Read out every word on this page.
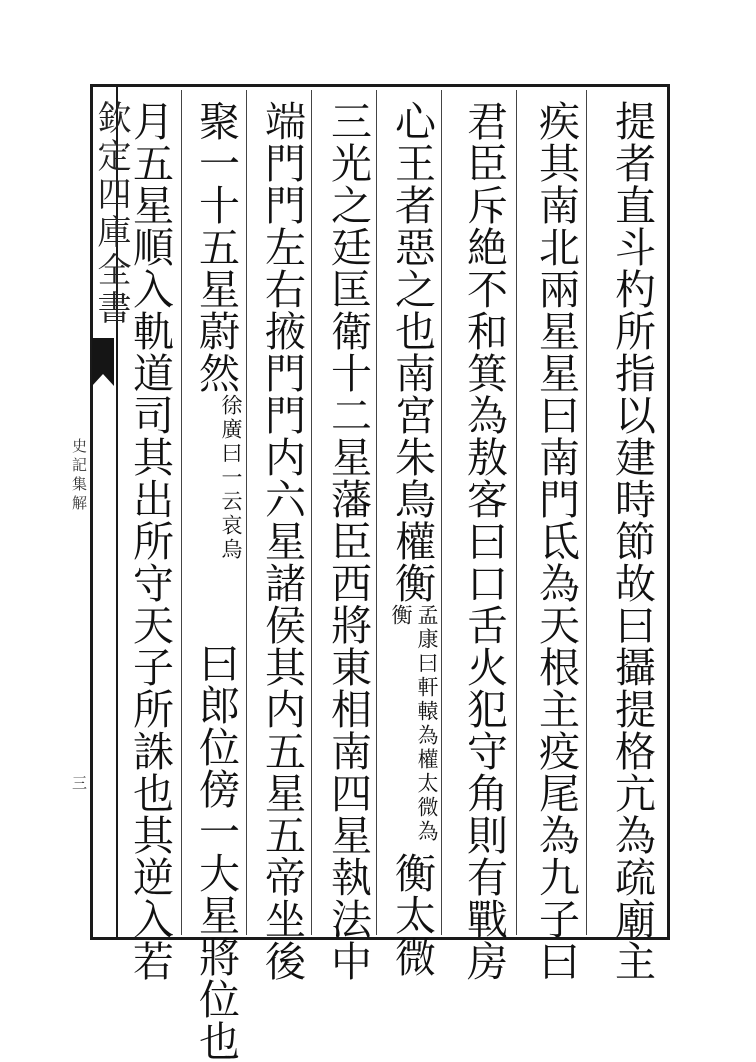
欽定四庫全書
史記集解
三	提者直斗杓所指以建時節故曰攝提格亢為疏廟主
疾其南北兩星星曰南門氐為天根主疫尾為九子曰
君臣斥絶不和箕為敖客曰口舌火犯守角則有戰房
心王者惡之也南宮朱鳥權衡孟康曰軒轅為權太微為衡衡太微
三光之廷匡衛十二星藩臣西將東相南四星執法中
端門門左右掖門門内六星諸侯其内五星五帝坐後
聚一十五星蔚然徐廣曰一云哀烏曰郎位傍一大星將位也
月五星順入軌道司其出所守天子所誅也其逆入若
